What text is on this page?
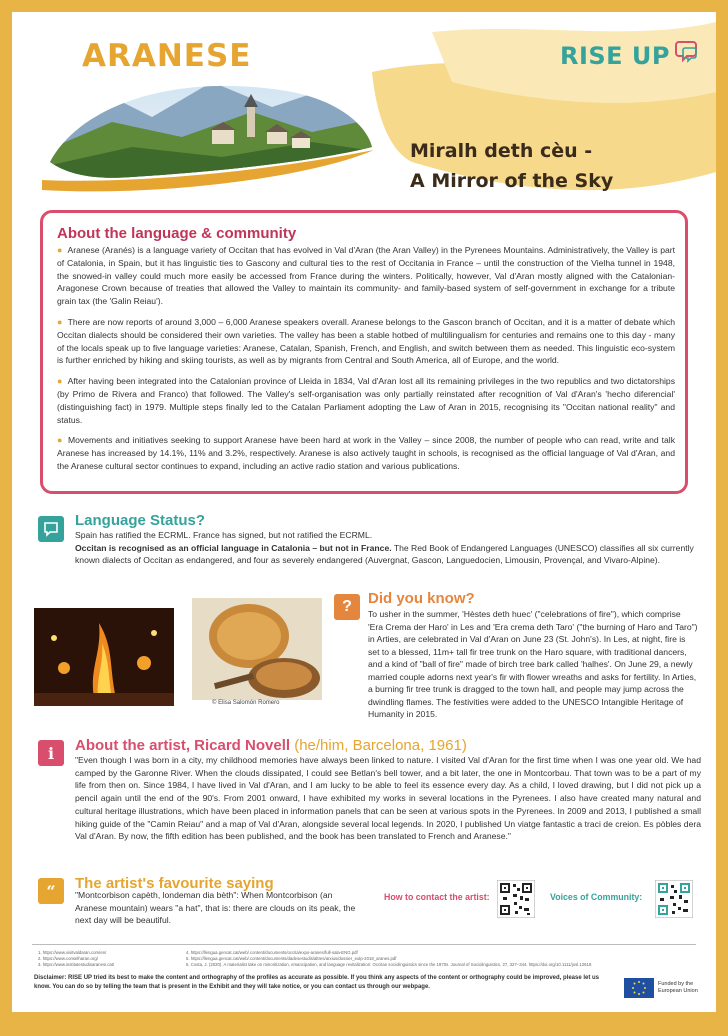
ARANESE	RISE UP
Miralh deth cèu -
A Mirror of the Sky
About the language & community

● Aranese (Aranés) is a language variety of Occitan that has evolved in Val d'Aran (the Aran Valley) in the Pyrenees Mountains. Administratively, the Valley is part of Catalonia, in Spain, but it has linguistic ties to Gascony and cultural ties to the rest of Occitania in France – until the construction of the Vielha tunnel in 1948, the snowed-in valley could much more easily be accessed from France during the winters. Politically, however, Val d'Aran mostly aligned with the Catalonian-Aragonese Crown because of treaties that allowed the Valley to maintain its community- and family-based system of self-government in exchange for a tribute grain tax (the 'Galin Reiau').

● There are now reports of around 3,000 – 6,000 Aranese speakers overall. Aranese belongs to the Gascon branch of Occitan, and it is a matter of debate which Occitan dialects should be considered their own varieties. The valley has been a stable hotbed of multilingualism for centuries and remains one to this day - many of the locals speak up to five language varieties: Aranese, Catalan, Spanish, French, and English, and switch between them as needed. This linguistic eco-system is further enriched by hiking and skiing tourists, as well as by migrants from Central and South America, all of Europe, and the world.

● After having been integrated into the Catalonian province of Lleida in 1834, Val d'Aran lost all its remaining privileges in the two republics and two dictatorships (by Primo de Rivera and Franco) that followed. The Valley's self-organisation was only partially reinstated after recognition of Val d'Aran's 'hecho diferencial' (distinguishing fact) in 1979. Multiple steps finally led to the Catalan Parliament adopting the Law of Aran in 2015, recognising its "Occitan national reality" and status.

● Movements and initiatives seeking to support Aranese have been hard at work in the Valley – since 2008, the number of people who can read, write and talk Aranese has increased by 14.1%, 11% and 3.2%, respectively. Aranese is also actively taught in schools, is recognised as the official language of Val d'Aran, and the Aranese cultural sector continues to expand, including an active radio station and various publications.

Language Status?

Spain has ratified the ECRML. France has signed, but not ratified the ECRML.

Occitan is recognised as an official language in Catalonia – but not in France. The Red Book of Endangered Languages (UNESCO) classifies all six currently known dialects of Occitan as endangered, and four as severely endangered (Auvergnat, Gascon, Languedocien, Limousin, Provençal, and Vivaro-Alpine).

© Elisa Salomón Romero
? Did you know?
To usher in the summer, 'Hèstes deth huec' ("celebrations of fire"), which comprise 'Era Crema der Haro' in Les and 'Era crema deth Taro' ("the burning of Haro and Taro") in Arties, are celebrated in Val d'Aran on June 23 (St. John's). In Les, at night, fire is set to a blessed, 11m+ tall fir tree trunk on the Haro square, with traditional dancers, and a kind of "ball of fire" made of birch tree bark called 'halhes'. On June 29, a newly married couple adorns next year's fir with flower wreaths and asks for fertility. In Arties, a burning fir tree trunk is dragged to the town hall, and people may jump across the dwindling flames. The festivities were added to the UNESCO Intangible Heritage of Humanity in 2015.
i About the artist, Ricard Novell (he/him, Barcelona, 1961)
"Even though I was born in a city, my childhood memories have always been linked to nature. I visited Val d'Aran for the first time when I was one year old. We had camped by the Garonne River. When the clouds dissipated, I could see Betlan's bell tower, and a bit later, the one in Montcorbau. That town was to be a part of my life from then on. Since 1984, I have lived in Val d'Aran, and I am lucky to be able to feel its essence every day. As a child, I loved drawing, but I did not pick up a pencil again until the end of the 90's. From 2001 onward, I have exhibited my works in several locations in the Pyrenees. I also have created many natural and cultural heritage illustrations, which have been placed in information panels that can be seen at various spots in the Pyrenees. In 2009 and 2013, I published a small hiking guide of the "Camin Reiau" and a map of Val d'Aran, alongside several local legends. In 2020, I published Un viatge fantastic a traci de creion. Es pòbles dera Val d'Aran. By now, the fifth edition has been published, and the book has been translated to French and Aranese."
“ The artist's favourite saying
"Montcorbison capèth, londeman dia bèth": When Montcorbison (an Aranese mountain) wears "a hat", that is: there are clouds on its peak, the next day will be beautiful.
How to contact the artist:	Voices of Community:
1. https://www.visitvaldaran.com/en/
2. https://www.conselharan.org/
3. https://www.institutestudisaranesi.cat/
4. https://llengua.gencat.cat/web/.content/documents/occita/expo-aranes/full-sala-ENG.pdf
5. https://llengua.gencat.cat/web/.content/documents/dadesestudis/altres/arxius/dossier_eulp-2018_aranes.pdf
6. Costa, J. (2020). A materialist take on minoritization, emancipation, and language revitalization: Occitan sociolinguistics since the 1970s. Journal of Sociolinguistics, 27, 327–344. https://doi.org/10.1111/josl.12618
Disclaimer: RISE UP tried its best to make the content and orthography of the profiles as accurate as possible. If you think any aspects of the content or orthography could be improved, please let us know. You can do so by telling the team that is present in the Exhibit and they will take notice, or you can contact us through our webpage.	Funded by the European Union
